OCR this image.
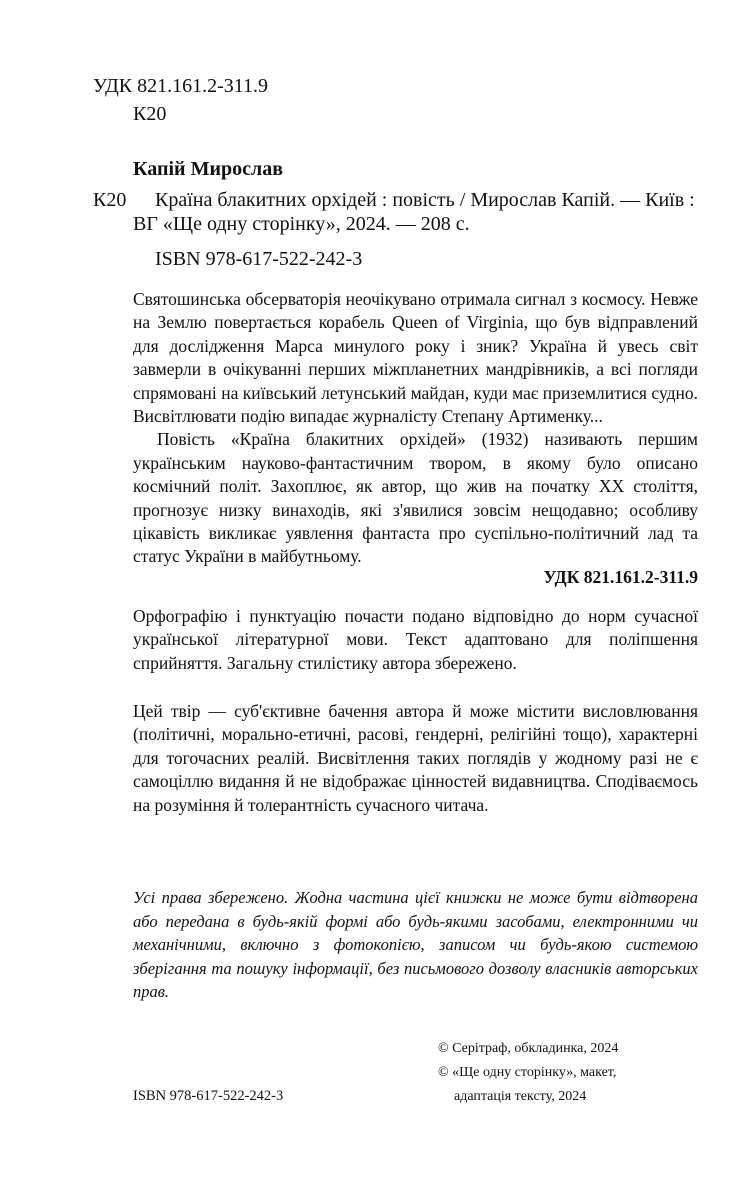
УДК 821.161.2-311.9
К20
Капій Мирослав
К20	Країна блакитних орхідей : повість / Мирослав Капій. — Київ :
ВГ «Ще одну сторінку», 2024. — 208 с.
ISBN 978-617-522-242-3

Святошинська обсерваторія неочікувано отримала сигнал з космосу. Невже на Землю повертається корабель Queen of Virginia, що був відправлений для дослідження Марса минулого року і зник? Україна й увесь світ завмерли в очікуванні перших міжпланетних мандрівників, а всі погляди спрямовані на київський летунський майдан, куди має приземлитися судно. Висвітлювати подію випадає журналісту Степану Артименку...

Повість «Країна блакитних орхідей» (1932) називають першим українським науково-фантастичним твором, в якому було описано космічний політ. Захоплює, як автор, що жив на початку XX століття, прогнозує низку винаходів, які з'явилися зовсім нещодавно; особливу цікавість викликає уявлення фантаста про суспільно-політичний лад та статус України в майбутньому.

УДК 821.161.2-311.9

Орфографію і пунктуацію почасти подано відповідно до норм сучасної української літературної мови. Текст адаптовано для поліпшення сприйняття. Загальну стилістику автора збережено.

Цей твір — суб'єктивне бачення автора й може містити висловлювання (політичні, морально-етичні, расові, гендерні, релігійні тощо), характерні для тогочасних реалій. Висвітлення таких поглядів у жодному разі не є самоціллю видання й не відображає цінностей видавництва. Сподіваємось на розуміння й толерантність сучасного читача.

Усі права збережено. Жодна частина цієї книжки не може бути відтворена або передана в будь-якій формі або будь-якими засобами, електронними чи механічними, включно з фотокопією, записом чи будь-якою системою зберігання та пошуку інформації, без письмового дозволу власників авторських прав.

ISBN 978-617-522-242-3
© Серітраф, обкладинка, 2024
© «Ще одну сторінку», макет,
адаптація тексту, 2024
